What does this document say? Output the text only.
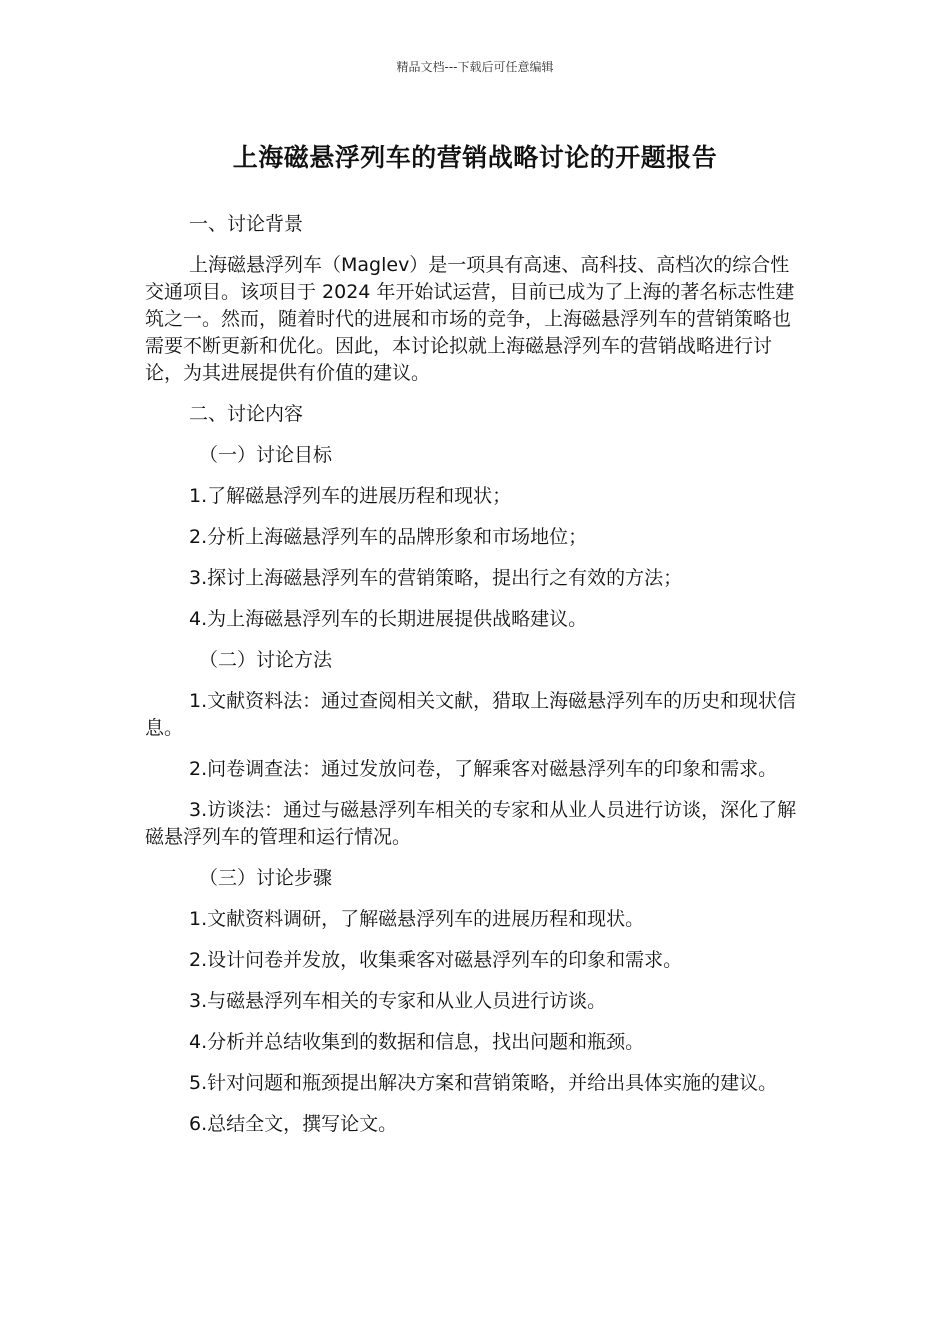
精品文档---下载后可任意编辑
上海磁悬浮列车的营销战略讨论的开题报告

一、讨论背景

上海磁悬浮列车（Maglev）是一项具有高速、高科技、高档次的综合性交通项目。该项目于 2024 年开始试运营，目前已成为了上海的著名标志性建筑之一。然而，随着时代的进展和市场的竞争，上海磁悬浮列车的营销策略也需要不断更新和优化。因此，本讨论拟就上海磁悬浮列车的营销战略进行讨论，为其进展提供有价值的建议。

二、讨论内容

（一）讨论目标

1.了解磁悬浮列车的进展历程和现状；

2.分析上海磁悬浮列车的品牌形象和市场地位；

3.探讨上海磁悬浮列车的营销策略，提出行之有效的方法；

4.为上海磁悬浮列车的长期进展提供战略建议。

（二）讨论方法

1.文献资料法：通过查阅相关文献，猎取上海磁悬浮列车的历史和现状信息。

2.问卷调查法：通过发放问卷，了解乘客对磁悬浮列车的印象和需求。

3.访谈法：通过与磁悬浮列车相关的专家和从业人员进行访谈，深化了解磁悬浮列车的管理和运行情况。

（三）讨论步骤

1.文献资料调研，了解磁悬浮列车的进展历程和现状。

2.设计问卷并发放，收集乘客对磁悬浮列车的印象和需求。

3.与磁悬浮列车相关的专家和从业人员进行访谈。

4.分析并总结收集到的数据和信息，找出问题和瓶颈。

5.针对问题和瓶颈提出解决方案和营销策略，并给出具体实施的建议。

6.总结全文，撰写论文。
